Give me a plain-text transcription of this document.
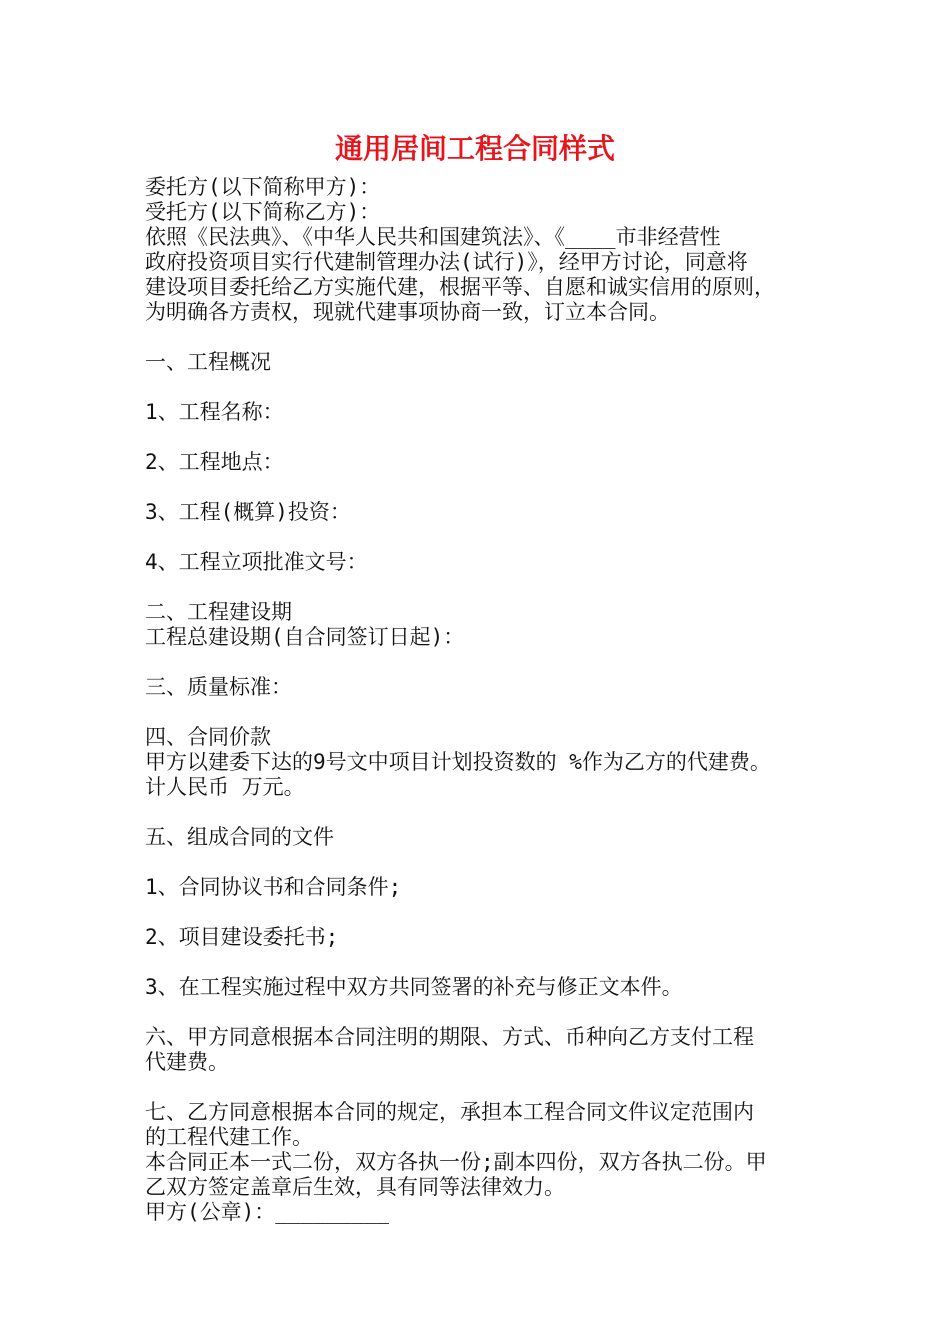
通用居间工程合同样式
委托方(以下简称甲方)：
受托方(以下简称乙方)：
依照《民法典》、《中华人民共和国建筑法》、《____市非经营性
政府投资项目实行代建制管理办法(试行)》，经甲方讨论，同意将
建设项目委托给乙方实施代建，根据平等、自愿和诚实信用的原则，
为明确各方责权，现就代建事项协商一致，订立本合同。
一、工程概况
1、工程名称：
2、工程地点：
3、工程(概算)投资：
4、工程立项批准文号：
二、工程建设期
工程总建设期(自合同签订日起)：
三、质量标准：
四、合同价款
甲方以建委下达的9号文中项目计划投资数的 %作为乙方的代建费。
计人民币 万元。
五、组成合同的文件
1、合同协议书和合同条件;
2、项目建设委托书;
3、在工程实施过程中双方共同签署的补充与修正文本件。
六、甲方同意根据本合同注明的期限、方式、币种向乙方支付工程
代建费。
七、乙方同意根据本合同的规定，承担本工程合同文件议定范围内
的工程代建工作。
本合同正本一式二份，双方各执一份;副本四份，双方各执二份。甲
乙双方签定盖章后生效，具有同等法律效力。
甲方(公章)：_________
